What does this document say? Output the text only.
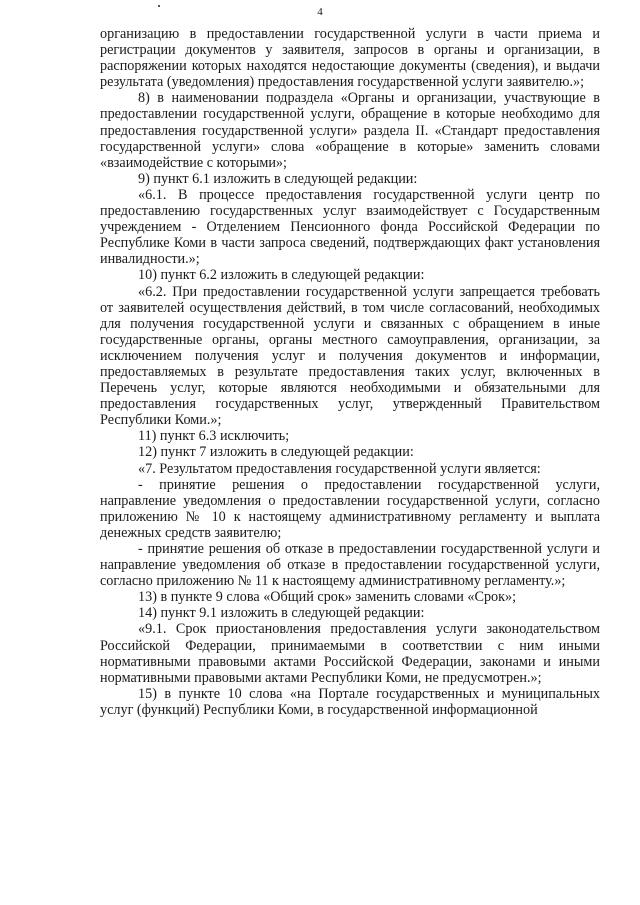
4

организацию в предоставлении государственной услуги в части приема и регистрации документов у заявителя, запросов в органы и организации, в распоряжении которых находятся недостающие документы (сведения), и выдачи результата (уведомления) предоставления государственной услуги заявителю.»;

8) в наименовании подраздела «Органы и организации, участвующие в предоставлении государственной услуги, обращение в которые необходимо для предоставления государственной услуги» раздела II. «Стандарт предоставления государственной услуги» слова «обращение в которые» заменить словами «взаимодействие с которыми»;

9) пункт 6.1 изложить в следующей редакции:

«6.1. В процессе предоставления государственной услуги центр по предоставлению государственных услуг взаимодействует с Государственным учреждением - Отделением Пенсионного фонда Российской Федерации по Республике Коми в части запроса сведений, подтверждающих факт установления инвалидности.»;

10) пункт 6.2 изложить в следующей редакции:

«6.2. При предоставлении государственной услуги запрещается требовать от заявителей осуществления действий, в том числе согласований, необходимых для получения государственной услуги и связанных с обращением в иные государственные органы, органы местного самоуправления, организации, за исключением получения услуг и получения документов и информации, предоставляемых в результате предоставления таких услуг, включенных в Перечень услуг, которые являются необходимыми и обязательными для предоставления государственных услуг, утвержденный Правительством Республики Коми.»;

11) пункт 6.3 исключить;

12) пункт 7 изложить в следующей редакции:

«7. Результатом предоставления государственной услуги является:

- принятие решения о предоставлении государственной услуги, направление уведомления о предоставлении государственной услуги, согласно приложению № 10 к настоящему административному регламенту и выплата денежных средств заявителю;

- принятие решения об отказе в предоставлении государственной услуги и направление уведомления об отказе в предоставлении государственной услуги, согласно приложению № 11 к настоящему административному регламенту.»;

13) в пункте 9 слова «Общий срок» заменить словами «Срок»;

14) пункт 9.1 изложить в следующей редакции:

«9.1. Срок приостановления предоставления услуги законодательством Российской Федерации, принимаемыми в соответствии с ним иными нормативными правовыми актами Российской Федерации, законами и иными нормативными правовыми актами Республики Коми, не предусмотрен.»;

15) в пункте 10 слова «на Портале государственных и муниципальных услуг (функций) Республики Коми, в государственной информационной
